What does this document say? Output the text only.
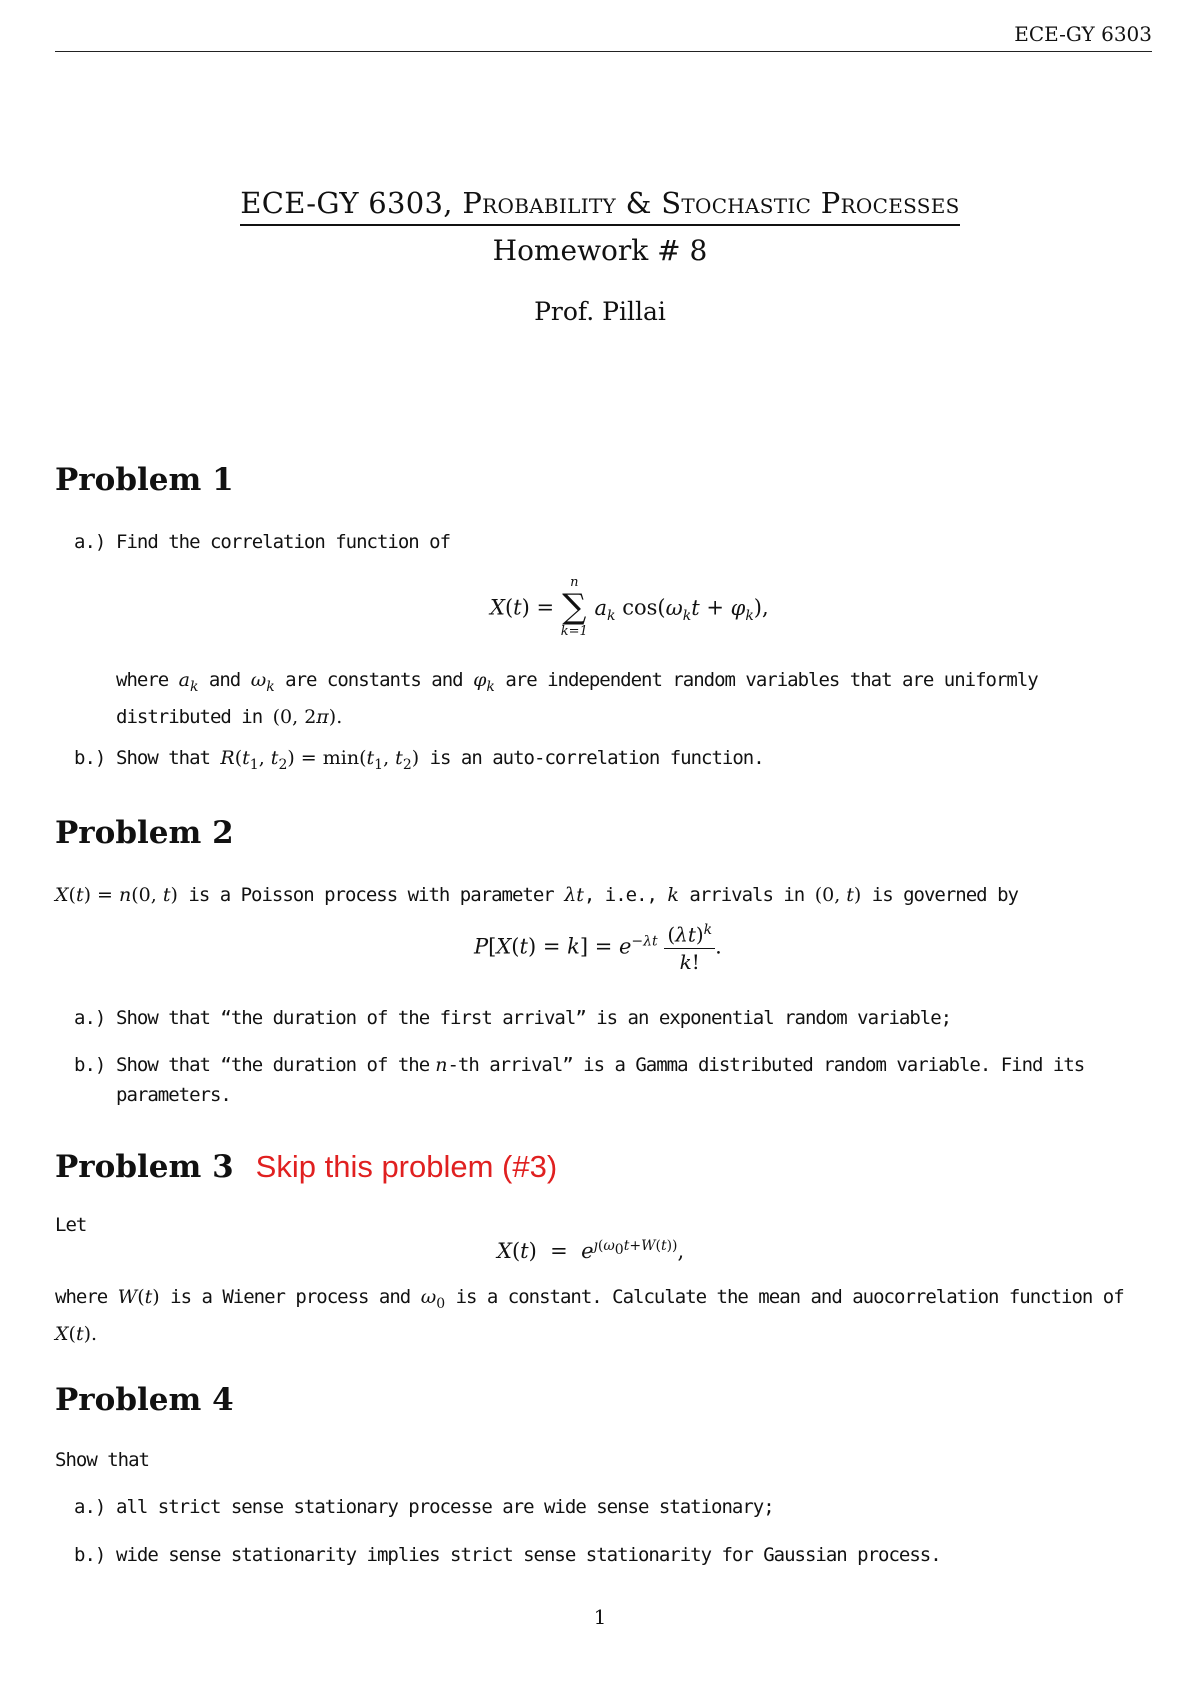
ECE-GY 6303
ECE-GY 6303, Probability & Stochastic Processes
Homework # 8
Prof. Pillai
Problem 1
a.) Find the correlation function of
X(t) =
n
∑
k=1
$a_k$ $\cos(\omega_kt + \varphi_k)$,
where $a_k$ and $\omega_k$ are constants and $\varphi_k$ are independent random variables that are uniformly distributed in (0, 2π).
b.) Show that $R(t_1$, $t_2) = \min(t_1$, $t_2$) is an auto-correlation function.
Problem 2
X(t) = n(0, t) is a Poisson process with parameter λt, i.e., k arrivals in (0, t) is governed by
$P[X(t) = k] = e^{-\lambda t} \frac{(\lambda t)^k}{k!}$ .
a.) Show that “the duration of the first arrival” is an exponential random variable;
b.) Show that “the duration of the n-th arrival” is a Gamma distributed random variable. Find its parameters.
Problem 3 Skip this problem (#3)
Let
$X(t) = e^{ȷ(\omega_0t+W(t))}$,
where W(t) is a Wiener process and $\omega_0$ is a constant. Calculate the mean and auocorrelation function of X(t).
Problem 4
Show that
a.) all strict sense stationary processe are wide sense stationary;
b.) wide sense stationarity implies strict sense stationarity for Gaussian process.
1
